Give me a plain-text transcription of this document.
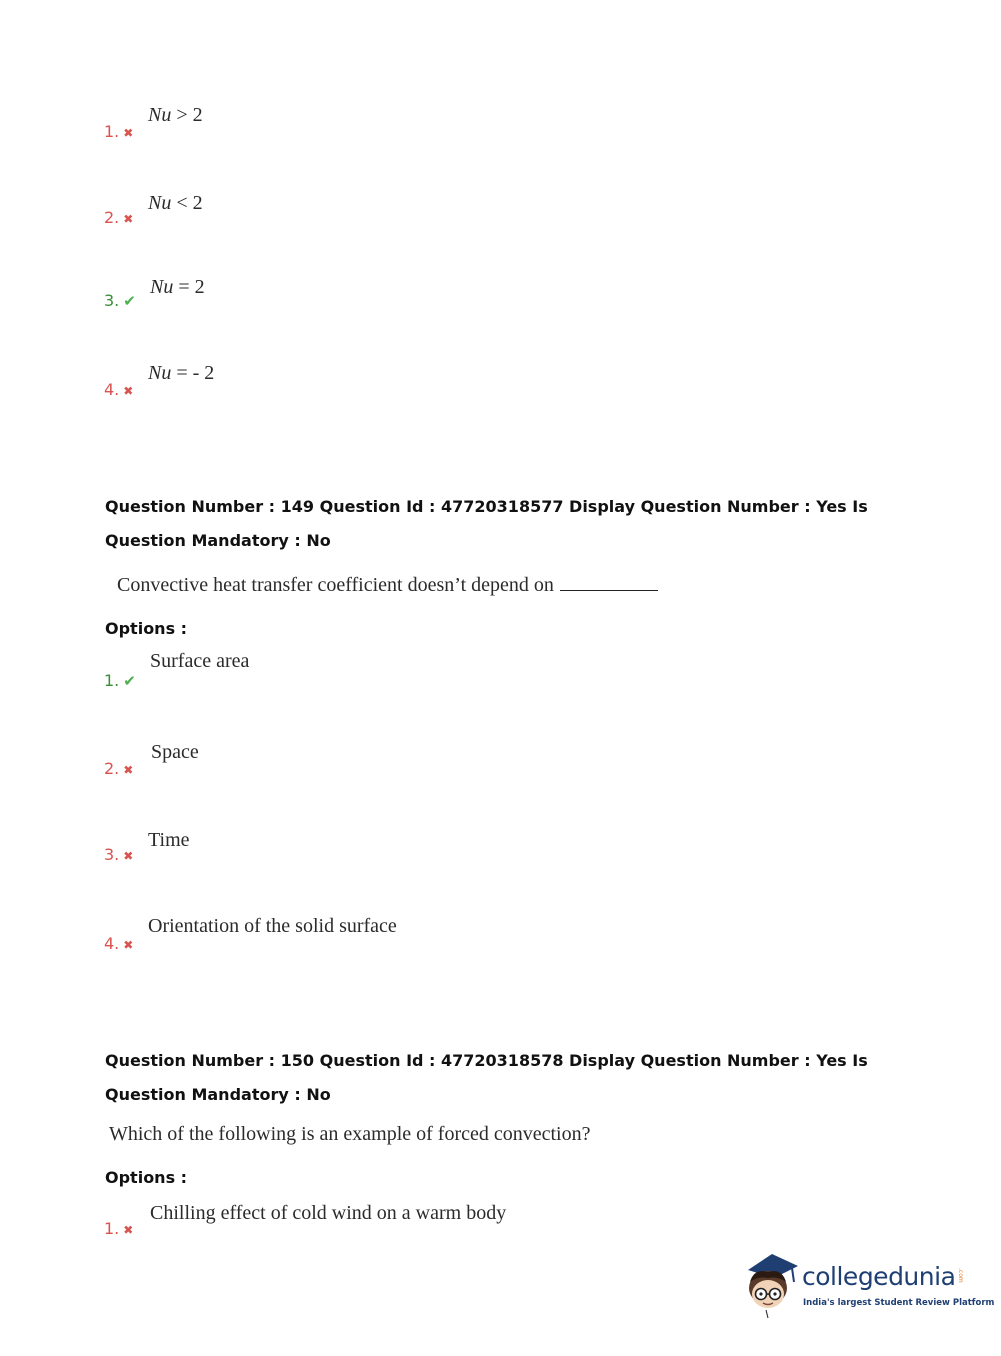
1. ✖
Nu > 2
2. ✖
Nu < 2
3. ✔
Nu = 2
4. ✖
Nu = - 2
Question Number : 149 Question Id : 47720318577 Display Question Number : Yes Is Question Mandatory : No
Convective heat transfer coefficient doesn’t depend on
Options :
1. ✔
Surface area
2. ✖
Space
3. ✖
Time
4. ✖
Orientation of the solid surface
Question Number : 150 Question Id : 47720318578 Display Question Number : Yes Is Question Mandatory : No
Which of the following is an example of forced convection?
Options :
1. ✖
Chilling effect of cold wind on a warm body
collegedunia .com
India's largest Student Review Platform
